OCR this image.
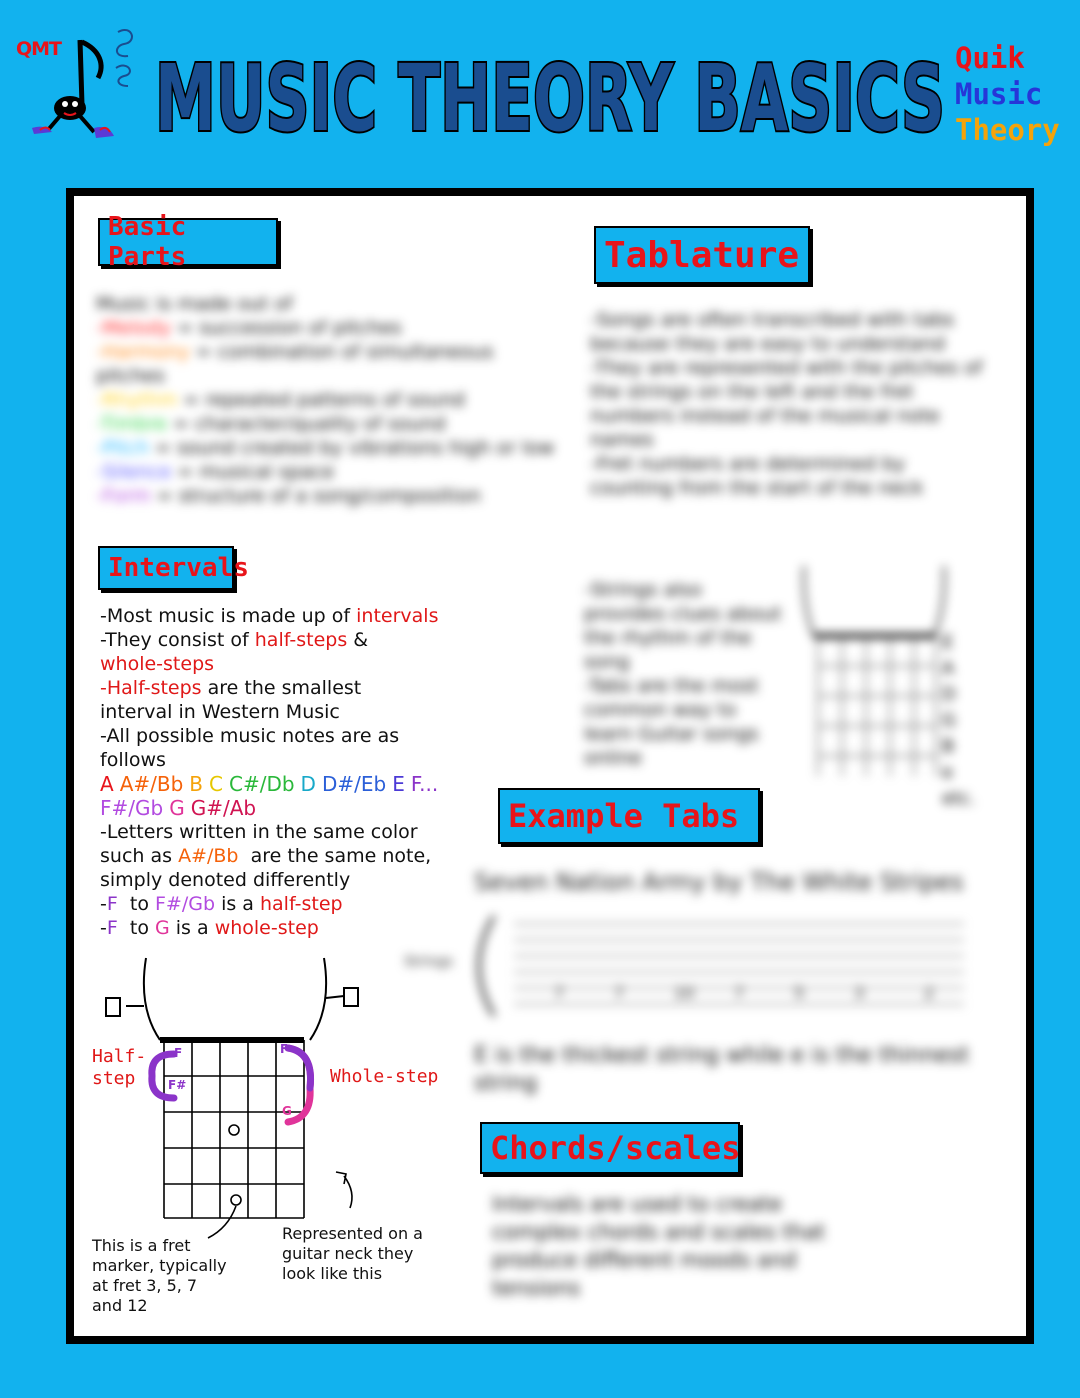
QMT MUSIC THEORY BASICS Quik
Music
Theory
Basic Parts
Music is made out of
-Melody = succession of pitches
-Harmony = combination of simultaneous pitches
-Rhythm = repeated patterns of sound
-Timbre = character/quality of sound
-Pitch = sound created by vibrations high or low
-Silence = musical space
-Form = structure of a song/composition
Intervals
-Most music is made up of intervals
-They consist of half-steps &
whole-steps
-Half-steps are the smallest
interval in Western Music
-All possible music notes are as
follows
A A#/Bb B C C#/Db D D#/Eb E F...
F#/Gb G G#/Ab
-Letters written in the same color
such as A#/Bb  are the same note,
simply denoted differently
-F  to F#/Gb is a half-step
-F  to G is a whole-step
F
F#
F
G
Half-
step	Whole-step
This is a fret
marker, typically
at fret 3, 5, 7
and 12
Represented on a
guitar neck they
look like this
Tablature
-Songs are often transcribed with tabs because they are easy to understand
-They are represented with the pitches of the strings on the left and the fret numbers instead of the musical note names
-Fret numbers are determined by counting from the start of the neck
-Strings also provides clues about the rhythm of the song
-Tabs are the most common way to learn Guitar songs online
E
A
D
G
B
e
etc.
Example Tabs
Seven Nation Army by The White Stripes
Strings
7	7	10 7	5	3	2
E is the thickest string while e is the thinnest string
Chords/scales
Intervals are used to create complex chords and scales that produce different moods and tensions
